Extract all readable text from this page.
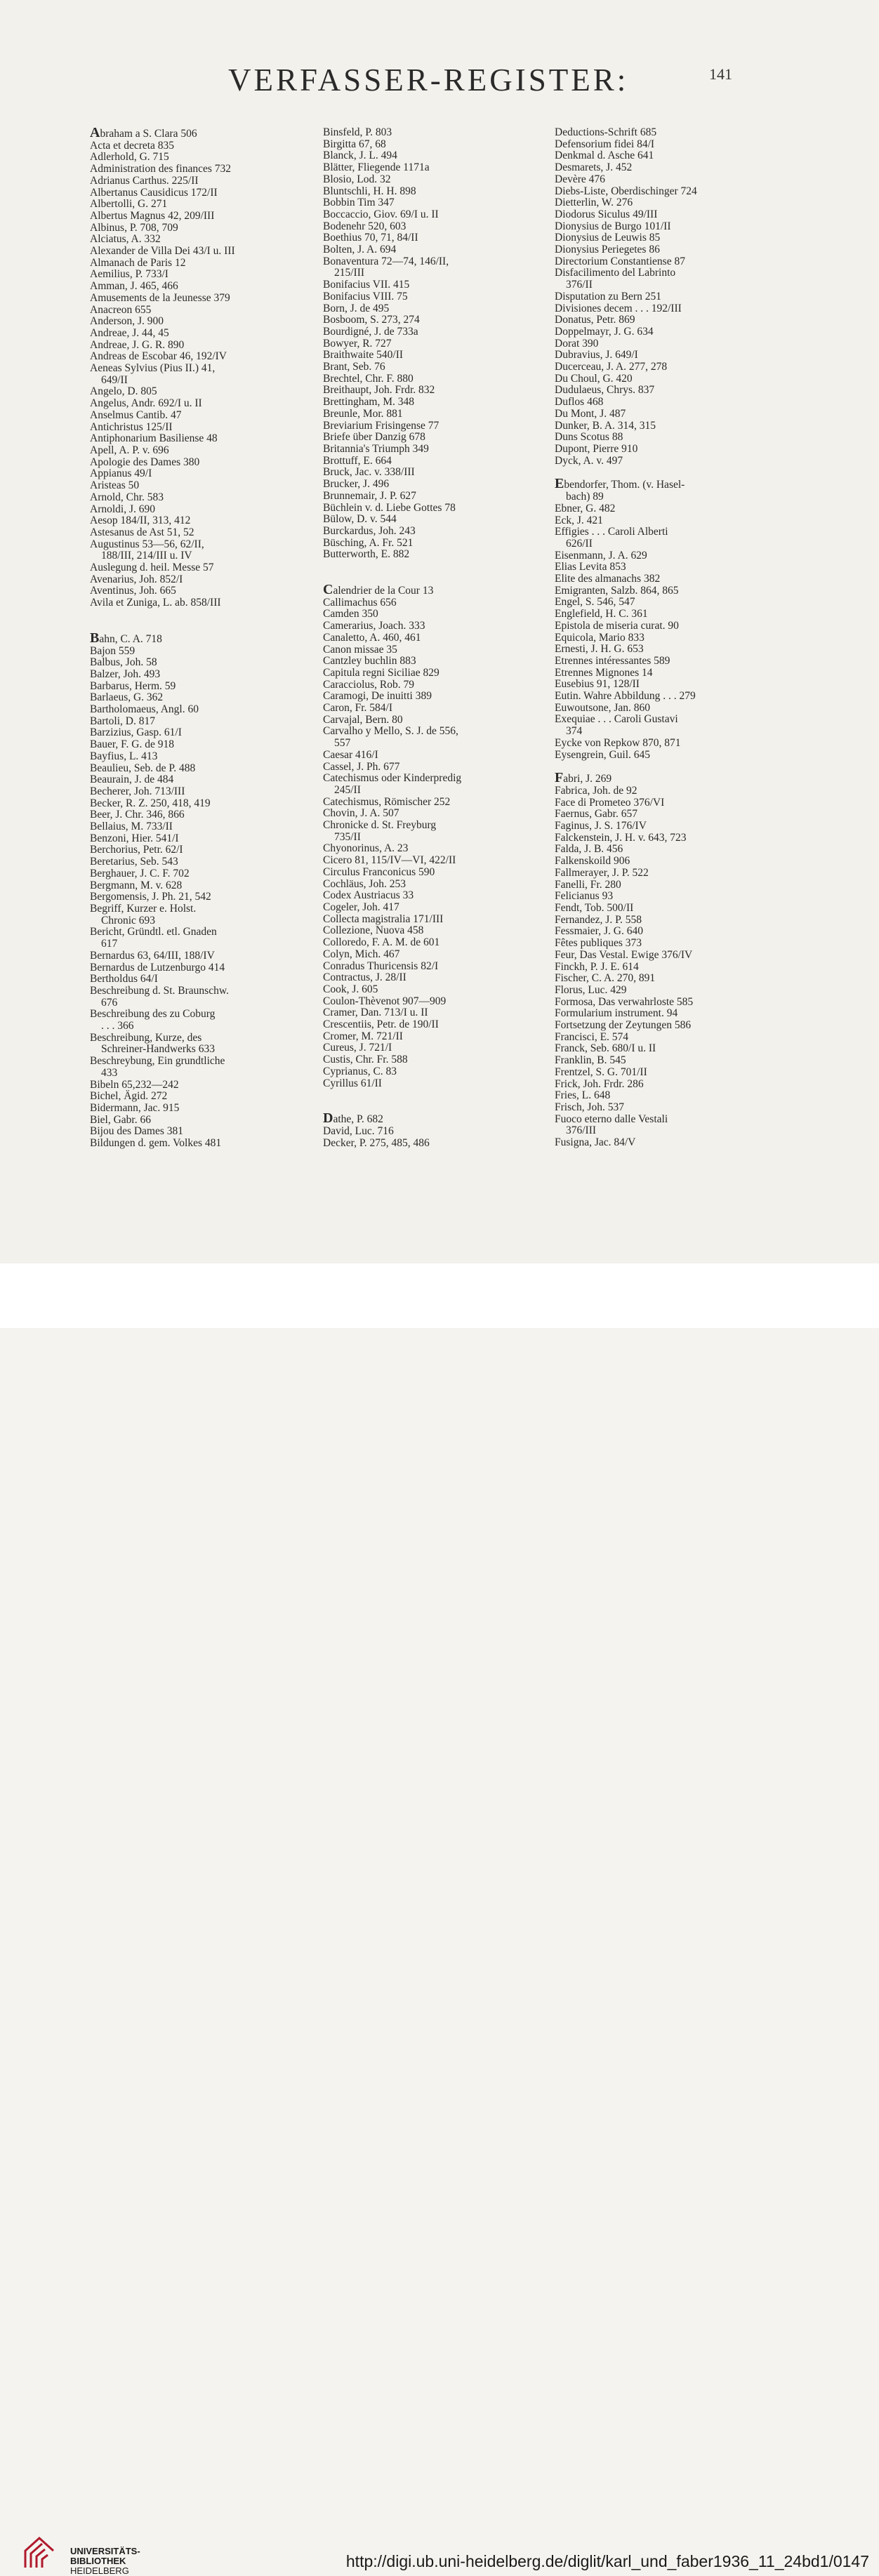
VERFASSER-REGISTER:	141
Abraham a S. Clara 506
Acta et decreta 835
Adlerhold, G. 715
Administration des finances 732
Adrianus Carthus. 225/II
Albertanus Causidicus 172/II
Albertolli, G. 271
Albertus Magnus 42, 209/III
Albinus, P. 708, 709
Alciatus, A. 332
Alexander de Villa Dei 43/I u. III
Almanach de Paris 12
Aemilius, P. 733/I
Amman, J. 465, 466
Amusements de la Jeunesse 379
Anacreon 655
Anderson, J. 900
Andreae, J. 44, 45
Andreae, J. G. R. 890
Andreas de Escobar 46, 192/IV
Aeneas Sylvius (Pius II.) 41,
649/II
Angelo, D. 805
Angelus, Andr. 692/I u. II
Anselmus Cantib. 47
Antichristus 125/II
Antiphonarium Basiliense 48
Apell, A. P. v. 696
Apologie des Dames 380
Appianus 49/I
Aristeas 50
Arnold, Chr. 583
Arnoldi, J. 690
Aesop 184/II, 313, 412
Astesanus de Ast 51, 52
Augustinus 53—56, 62/II,
188/III, 214/III u. IV
Auslegung d. heil. Messe 57
Avenarius, Joh. 852/I
Aventinus, Joh. 665
Avila et Zuniga, L. ab. 858/III
Bahn, C. A. 718
Bajon 559
Balbus, Joh. 58
Balzer, Joh. 493
Barbarus, Herm. 59
Barlaeus, G. 362
Bartholomaeus, Angl. 60
Bartoli, D. 817
Barzizius, Gasp. 61/I
Bauer, F. G. de 918
Bayfius, L. 413
Beaulieu, Seb. de P. 488
Beaurain, J. de 484
Becherer, Joh. 713/III
Becker, R. Z. 250, 418, 419
Beer, J. Chr. 346, 866
Bellaius, M. 733/II
Benzoni, Hier. 541/I
Berchorius, Petr. 62/I
Beretarius, Seb. 543
Berghauer, J. C. F. 702
Bergmann, M. v. 628
Bergomensis, J. Ph. 21, 542
Begriff, Kurzer e. Holst.
Chronic 693
Bericht, Gründtl. etl. Gnaden
617
Bernardus 63, 64/III, 188/IV
Bernardus de Lutzenburgo 414
Bertholdus 64/I
Beschreibung d. St. Braunschw.
676
Beschreibung des zu Coburg
. . . 366
Beschreibung, Kurze, des
Schreiner-Handwerks 633
Beschreybung, Ein grundtliche
433
Bibeln 65,232—242
Bichel, Ägid. 272
Bidermann, Jac. 915
Biel, Gabr. 66
Bijou des Dames 381
Bildungen d. gem. Volkes 481
Binsfeld, P. 803
Birgitta 67, 68
Blanck, J. L. 494
Blätter, Fliegende 1171a
Blosio, Lod. 32
Bluntschli, H. H. 898
Bobbin Tim 347
Boccaccio, Giov. 69/I u. II
Bodenehr 520, 603
Boethius 70, 71, 84/II
Bolten, J. A. 694
Bonaventura 72—74, 146/II,
215/III
Bonifacius VII. 415
Bonifacius VIII. 75
Born, J. de 495
Bosboom, S. 273, 274
Bourdigné, J. de 733a
Bowyer, R. 727
Braithwaite 540/II
Brant, Seb. 76
Brechtel, Chr. F. 880
Breithaupt, Joh. Frdr. 832
Brettingham, M. 348
Breunle, Mor. 881
Breviarium Frisingense 77
Briefe über Danzig 678
Britannia's Triumph 349
Brottuff, E. 664
Bruck, Jac. v. 338/III
Brucker, J. 496
Brunnemair, J. P. 627
Büchlein v. d. Liebe Gottes 78
Bülow, D. v. 544
Burckardus, Joh. 243
Büsching, A. Fr. 521
Butterworth, E. 882
Calendrier de la Cour 13
Callimachus 656
Camden 350
Camerarius, Joach. 333
Canaletto, A. 460, 461
Canon missae 35
Cantzley buchlin 883
Capitula regni Siciliae 829
Caracciolus, Rob. 79
Caramogi, De inuitti 389
Caron, Fr. 584/I
Carvajal, Bern. 80
Carvalho y Mello, S. J. de 556,
557
Caesar 416/I
Cassel, J. Ph. 677
Catechismus oder Kinderpredig
245/II
Catechismus, Römischer 252
Chovin, J. A. 507
Chronicke d. St. Freyburg
735/II
Chyonorinus, A. 23
Cicero 81, 115/IV—VI, 422/II
Circulus Franconicus 590
Cochläus, Joh. 253
Codex Austriacus 33
Cogeler, Joh. 417
Collecta magistralia 171/III
Collezione, Nuova 458
Colloredo, F. A. M. de 601
Colyn, Mich. 467
Conradus Thuricensis 82/I
Contractus, J. 28/II
Cook, J. 605
Coulon-Thèvenot 907—909
Cramer, Dan. 713/I u. II
Crescentiis, Petr. de 190/II
Cromer, M. 721/II
Cureus, J. 721/I
Custis, Chr. Fr. 588
Cyprianus, C. 83
Cyrillus 61/II
Dathe, P. 682
David, Luc. 716
Decker, P. 275, 485, 486
Deductions-Schrift 685
Defensorium fidei 84/I
Denkmal d. Asche 641
Desmarets, J. 452
Devère 476
Diebs-Liste, Oberdischinger 724
Dietterlin, W. 276
Diodorus Siculus 49/III
Dionysius de Burgo 101/II
Dionysius de Leuwis 85
Dionysius Periegetes 86
Directorium Constantiense 87
Disfacilimento del Labrinto
376/II
Disputation zu Bern 251
Divisiones decem . . . 192/III
Donatus, Petr. 869
Doppelmayr, J. G. 634
Dorat 390
Dubravius, J. 649/I
Ducerceau, J. A. 277, 278
Du Choul, G. 420
Dudulaeus, Chrys. 837
Duflos 468
Du Mont, J. 487
Dunker, B. A. 314, 315
Duns Scotus 88
Dupont, Pierre 910
Dyck, A. v. 497
Ebendorfer, Thom. (v. Hasel-
bach) 89
Ebner, G. 482
Eck, J. 421
Effigies . . . Caroli Alberti
626/II
Eisenmann, J. A. 629
Elias Levita 853
Elite des almanachs 382
Emigranten, Salzb. 864, 865
Engel, S. 546, 547
Englefield, H. C. 361
Epistola de miseria curat. 90
Equicola, Mario 833
Ernesti, J. H. G. 653
Etrennes intéressantes 589
Etrennes Mignones 14
Eusebius 91, 128/II
Eutin. Wahre Abbildung . . . 279
Euwoutsone, Jan. 860
Exequiae . . . Caroli Gustavi
374
Eycke von Repkow 870, 871
Eysengrein, Guil. 645
Fabri, J. 269
Fabrica, Joh. de 92
Face di Prometeo 376/VI
Faernus, Gabr. 657
Faginus, J. S. 176/IV
Falckenstein, J. H. v. 643, 723
Falda, J. B. 456
Falkenskoild 906
Fallmerayer, J. P. 522
Fanelli, Fr. 280
Felicianus 93
Fendt, Tob. 500/II
Fernandez, J. P. 558
Fessmaier, J. G. 640
Fêtes publiques 373
Feur, Das Vestal. Ewige 376/IV
Finckh, P. J. E. 614
Fischer, C. A. 270, 891
Florus, Luc. 429
Formosa, Das verwahrloste 585
Formularium instrument. 94
Fortsetzung der Zeytungen 586
Francisci, E. 574
Franck, Seb. 680/I u. II
Franklin, B. 545
Frentzel, S. G. 701/II
Frick, Joh. Frdr. 286
Fries, L. 648
Frisch, Joh. 537
Fuoco eterno dalle Vestali
376/III
Fusigna, Jac. 84/V
UNIVERSITÄTS-
BIBLIOTHEK
HEIDELBERG
http://digi.ub.uni-heidelberg.de/diglit/karl_und_faber1936_11_24bd1/0147
